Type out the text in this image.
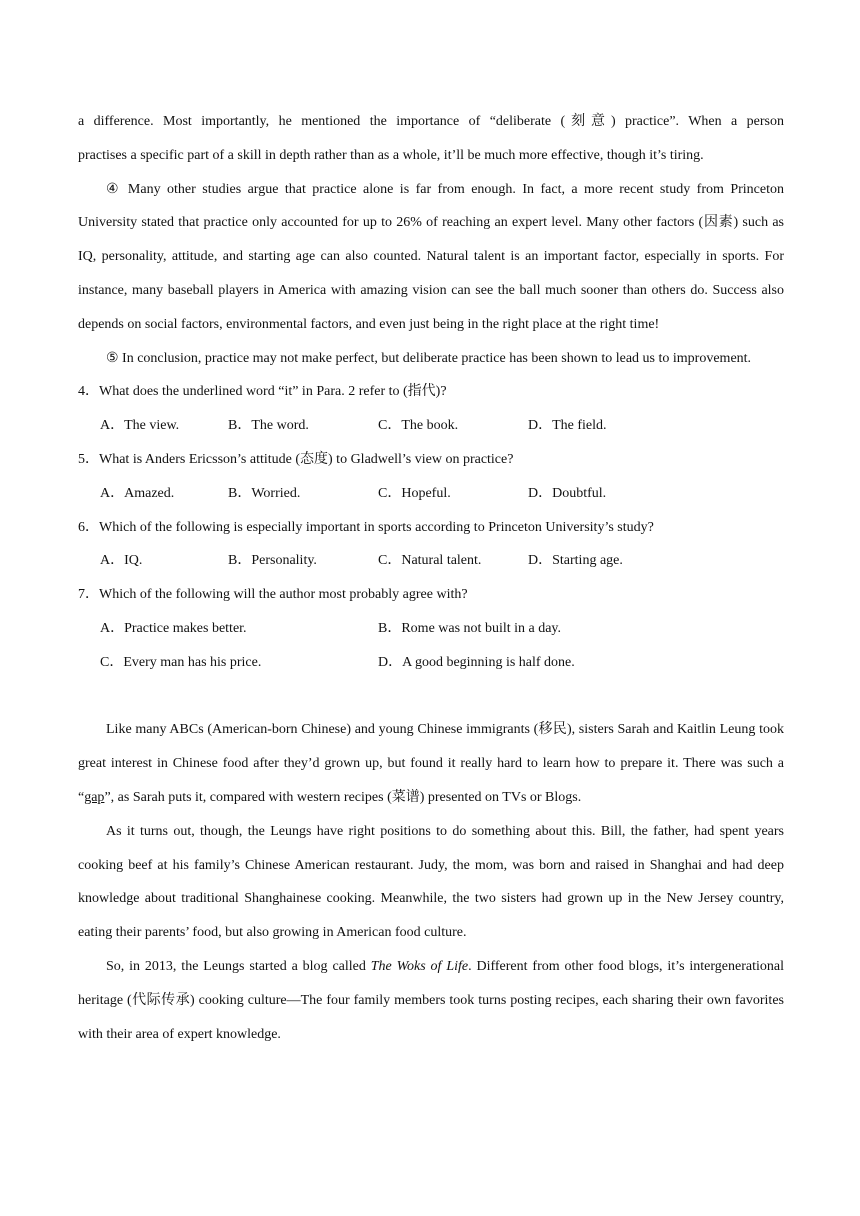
a difference. Most importantly, he mentioned the importance of “deliberate (刻意) practice”. When a person

practises a specific part of a skill in depth rather than as a whole, it’ll be much more effective, though it’s tiring.

④ Many other studies argue that practice alone is far from enough. In fact, a more recent study from Princeton University stated that practice only accounted for up to 26% of reaching an expert level. Many other factors (因素) such as IQ, personality, attitude, and starting age can also counted. Natural talent is an important factor, especially in sports. For instance, many baseball players in America with amazing vision can see the ball much sooner than others do. Success also depends on social factors, environmental factors, and even just being in the right place at the right time!

⑤ In conclusion, practice may not make perfect, but deliberate practice has been shown to lead us to improvement.

4．What does the underlined word “it” in Para. 2 refer to (指代)?

A．The view.	B．The word.	C．The book.	D．The field.

5．What is Anders Ericsson’s attitude (态度) to Gladwell’s view on practice?

A．Amazed.	B．Worried.	C．Hopeful.	D．Doubtful.

6．Which of the following is especially important in sports according to Princeton University’s study?

A．IQ.	B．Personality.	C．Natural talent.	D．Starting age.

7．Which of the following will the author most probably agree with?

A．Practice makes better.	B．Rome was not built in a day.
C．Every man has his price.	D．A good beginning is half done.

Like many ABCs (American-born Chinese) and young Chinese immigrants (移民), sisters Sarah and Kaitlin Leung took great interest in Chinese food after they’d grown up, but found it really hard to learn how to prepare it. There was such a “gap”, as Sarah puts it, compared with western recipes (菜谱) presented on TVs or Blogs.

As it turns out, though, the Leungs have right positions to do something about this. Bill, the father, had spent years cooking beef at his family’s Chinese American restaurant. Judy, the mom, was born and raised in Shanghai and had deep knowledge about traditional Shanghainese cooking. Meanwhile, the two sisters had grown up in the New Jersey country, eating their parents’ food, but also growing in American food culture.

So, in 2013, the Leungs started a blog called The Woks of Life. Different from other food blogs, it’s intergenerational heritage (代际传承) cooking culture—The four family members took turns posting recipes, each sharing their own favorites with their area of expert knowledge.
